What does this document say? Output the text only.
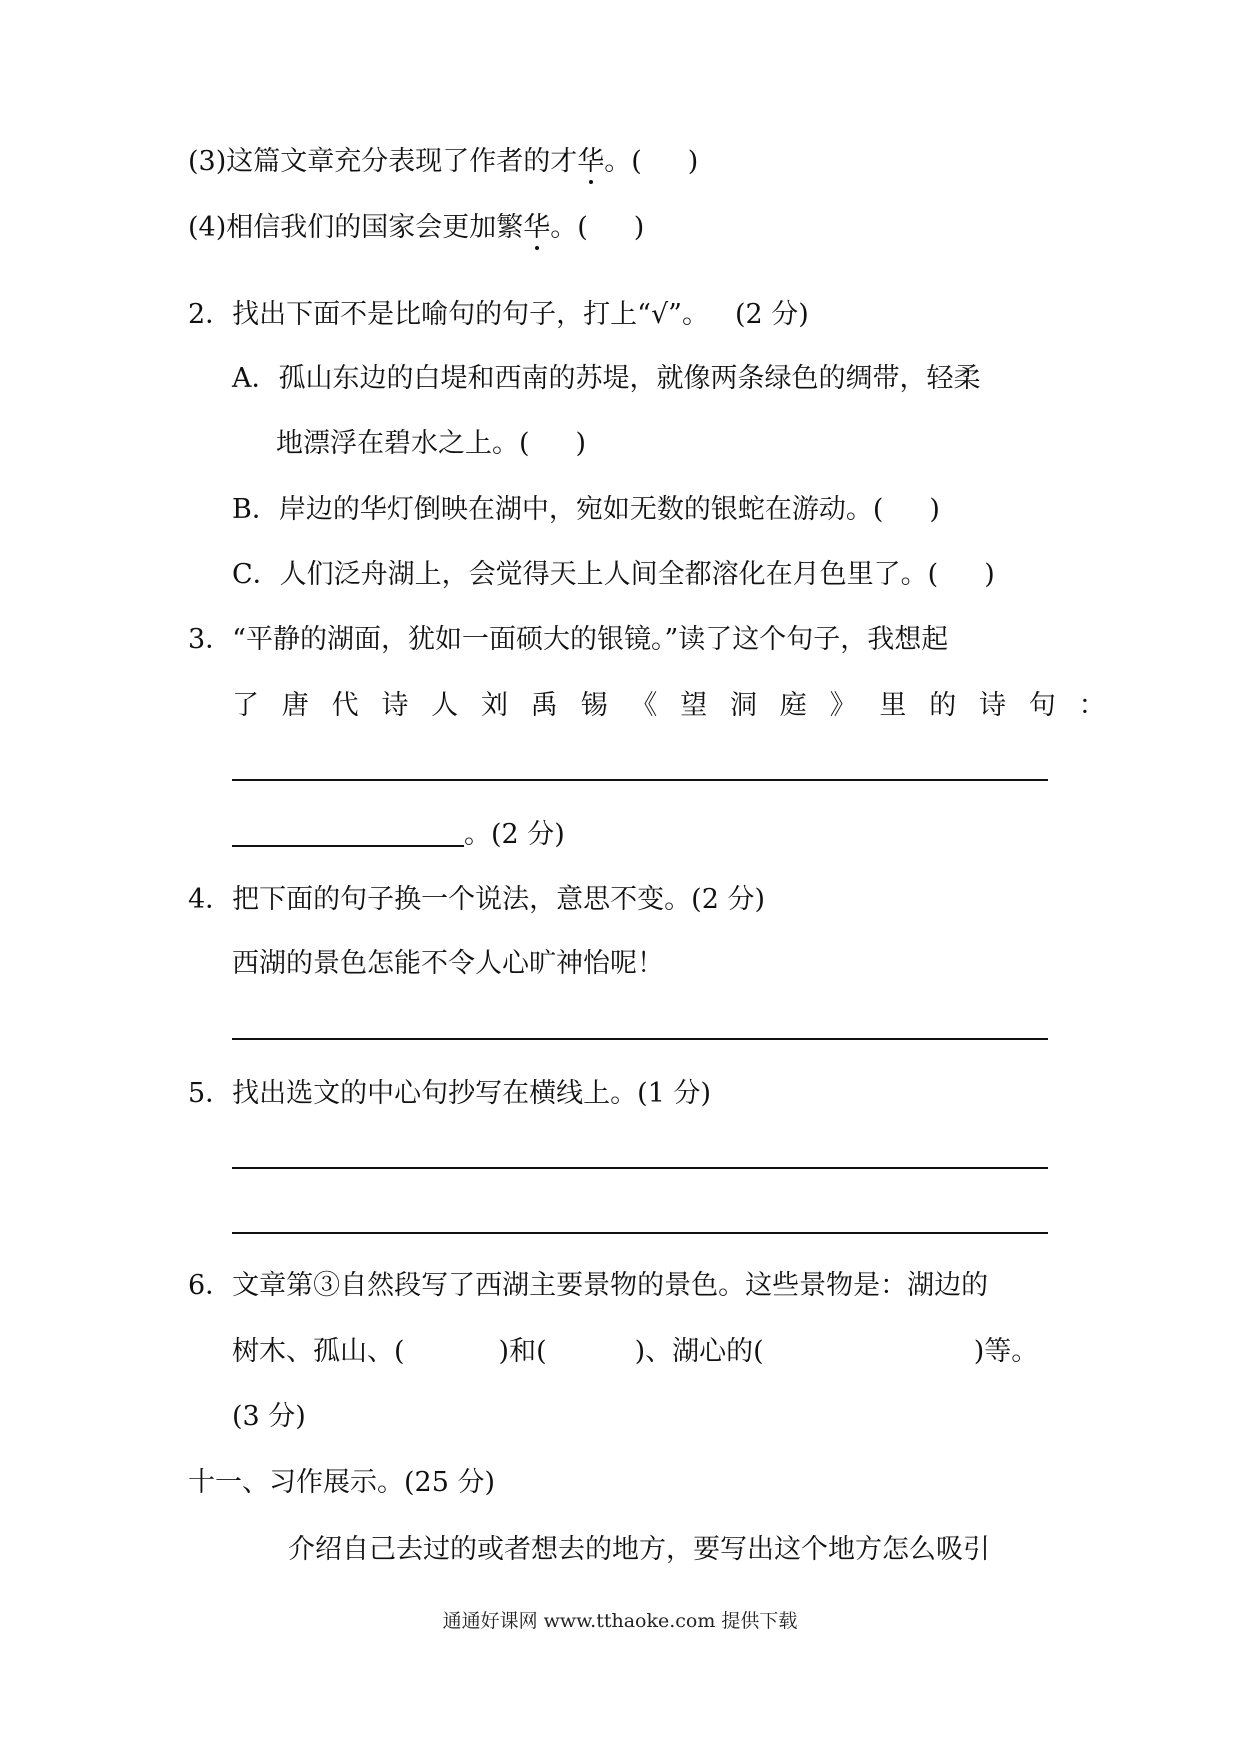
(3)这篇文章充分表现了作者的才华。( )
(4)相信我们的国家会更加繁华。( )
2．找出下面不是比喻句的句子，打上“√”。 (2 分)
A．孤山东边的白堤和西南的苏堤，就像两条绿色的绸带，轻柔
地漂浮在碧水之上。( )
B．岸边的华灯倒映在湖中，宛如无数的银蛇在游动。( )
C．人们泛舟湖上，会觉得天上人间全都溶化在月色里了。( )
3．“平静的湖面，犹如一面硕大的银镜。”读了这个句子，我想起
了唐代诗人刘禹锡《望洞庭》里的诗句：
。(2 分)
4．把下面的句子换一个说法，意思不变。(2 分)
西湖的景色怎能不令人心旷神怡呢！
5．找出选文的中心句抄写在横线上。(1 分)
6．文章第③自然段写了西湖主要景物的景色。这些景物是：湖边的
树木、孤山、(	)和(	)、湖心的(	)等。
(3 分)
十一、习作展示。(25 分)
介绍自己去过的或者想去的地方，要写出这个地方怎么吸引
通通好课网 www.tthaoke.com 提供下载
